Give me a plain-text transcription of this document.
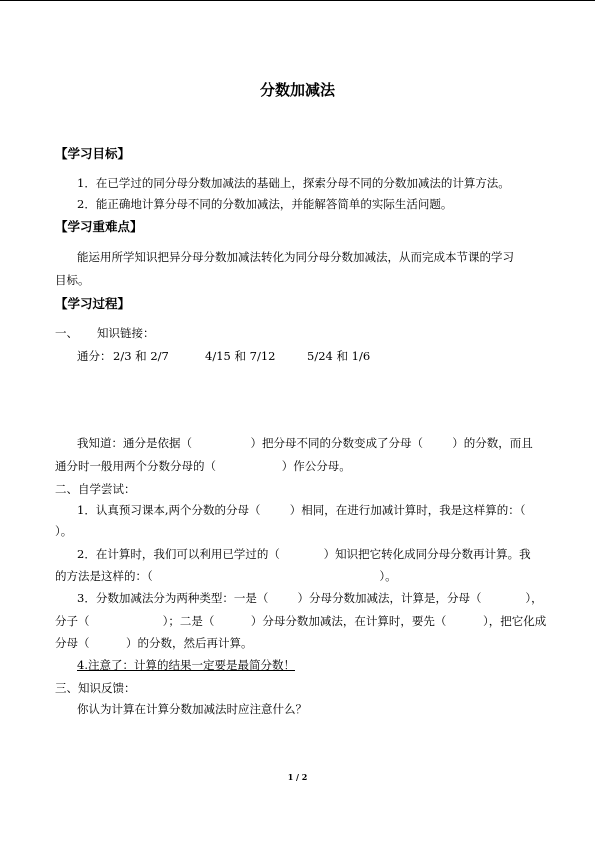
分数加减法
【学习目标】
1．在已学过的同分母分数加减法的基础上，探索分母不同的分数加减法的计算方法。
2．能正确地计算分母不同的分数加减法，并能解答简单的实际生活问题。
【学习重难点】
能运用所学知识把异分母分数加减法转化为同分母分数加减法，从而完成本节课的学习
目标。
【学习过程】
一、 知识链接：
通分： 2/3 和 2/7	4/15 和 7/12	5/24 和 1/6
我知道：通分是依据（                ）把分母不同的分数变成了分母（        ）的分数，而且
通分时一般用两个分数分母的（                  ）作公分母。
二、自学尝试：
1．认真预习课本,两个分数的分母（        ）相同，在进行加减计算时，我是这样算的：（
）。
2．在计算时，我们可以利用已学过的（            ）知识把它转化成同分母分数再计算。我
的方法是这样的：（                                                              ）。
3．分数加减法分为两种类型：一是（        ）分母分数加减法，计算是，分母（            ），
分子（                    ）；二是（          ）分母分数加减法，在计算时，要先（          ），把它化成
分母（          ）的分数，然后再计算。
4.注意了：计算的结果一定要是最简分数！
三、知识反馈：
你认为计算在计算分数加减法时应注意什么？
1 / 2
